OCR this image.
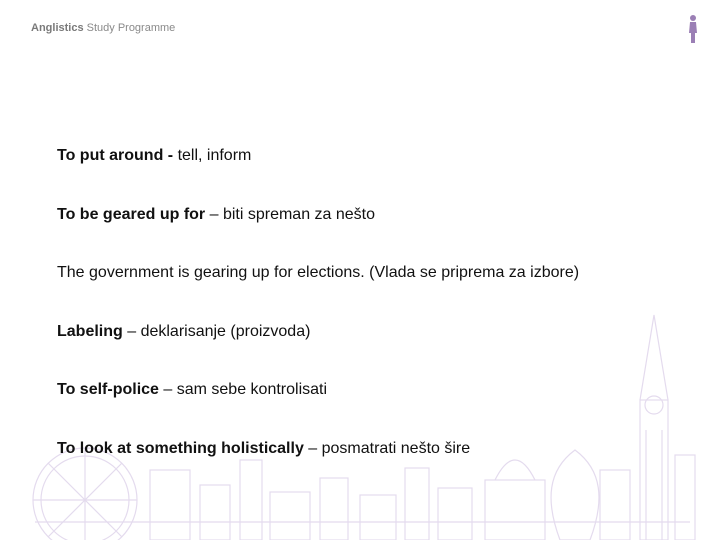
Anglistics Study Programme
To put around - tell, inform
To be geared up for – biti spreman za nešto
The government is gearing up for elections. (Vlada se priprema za izbore)
Labeling – deklarisanje (proizvoda)
To self-police – sam sebe kontrolisati
To look at something holistically – posmatrati nešto šire
